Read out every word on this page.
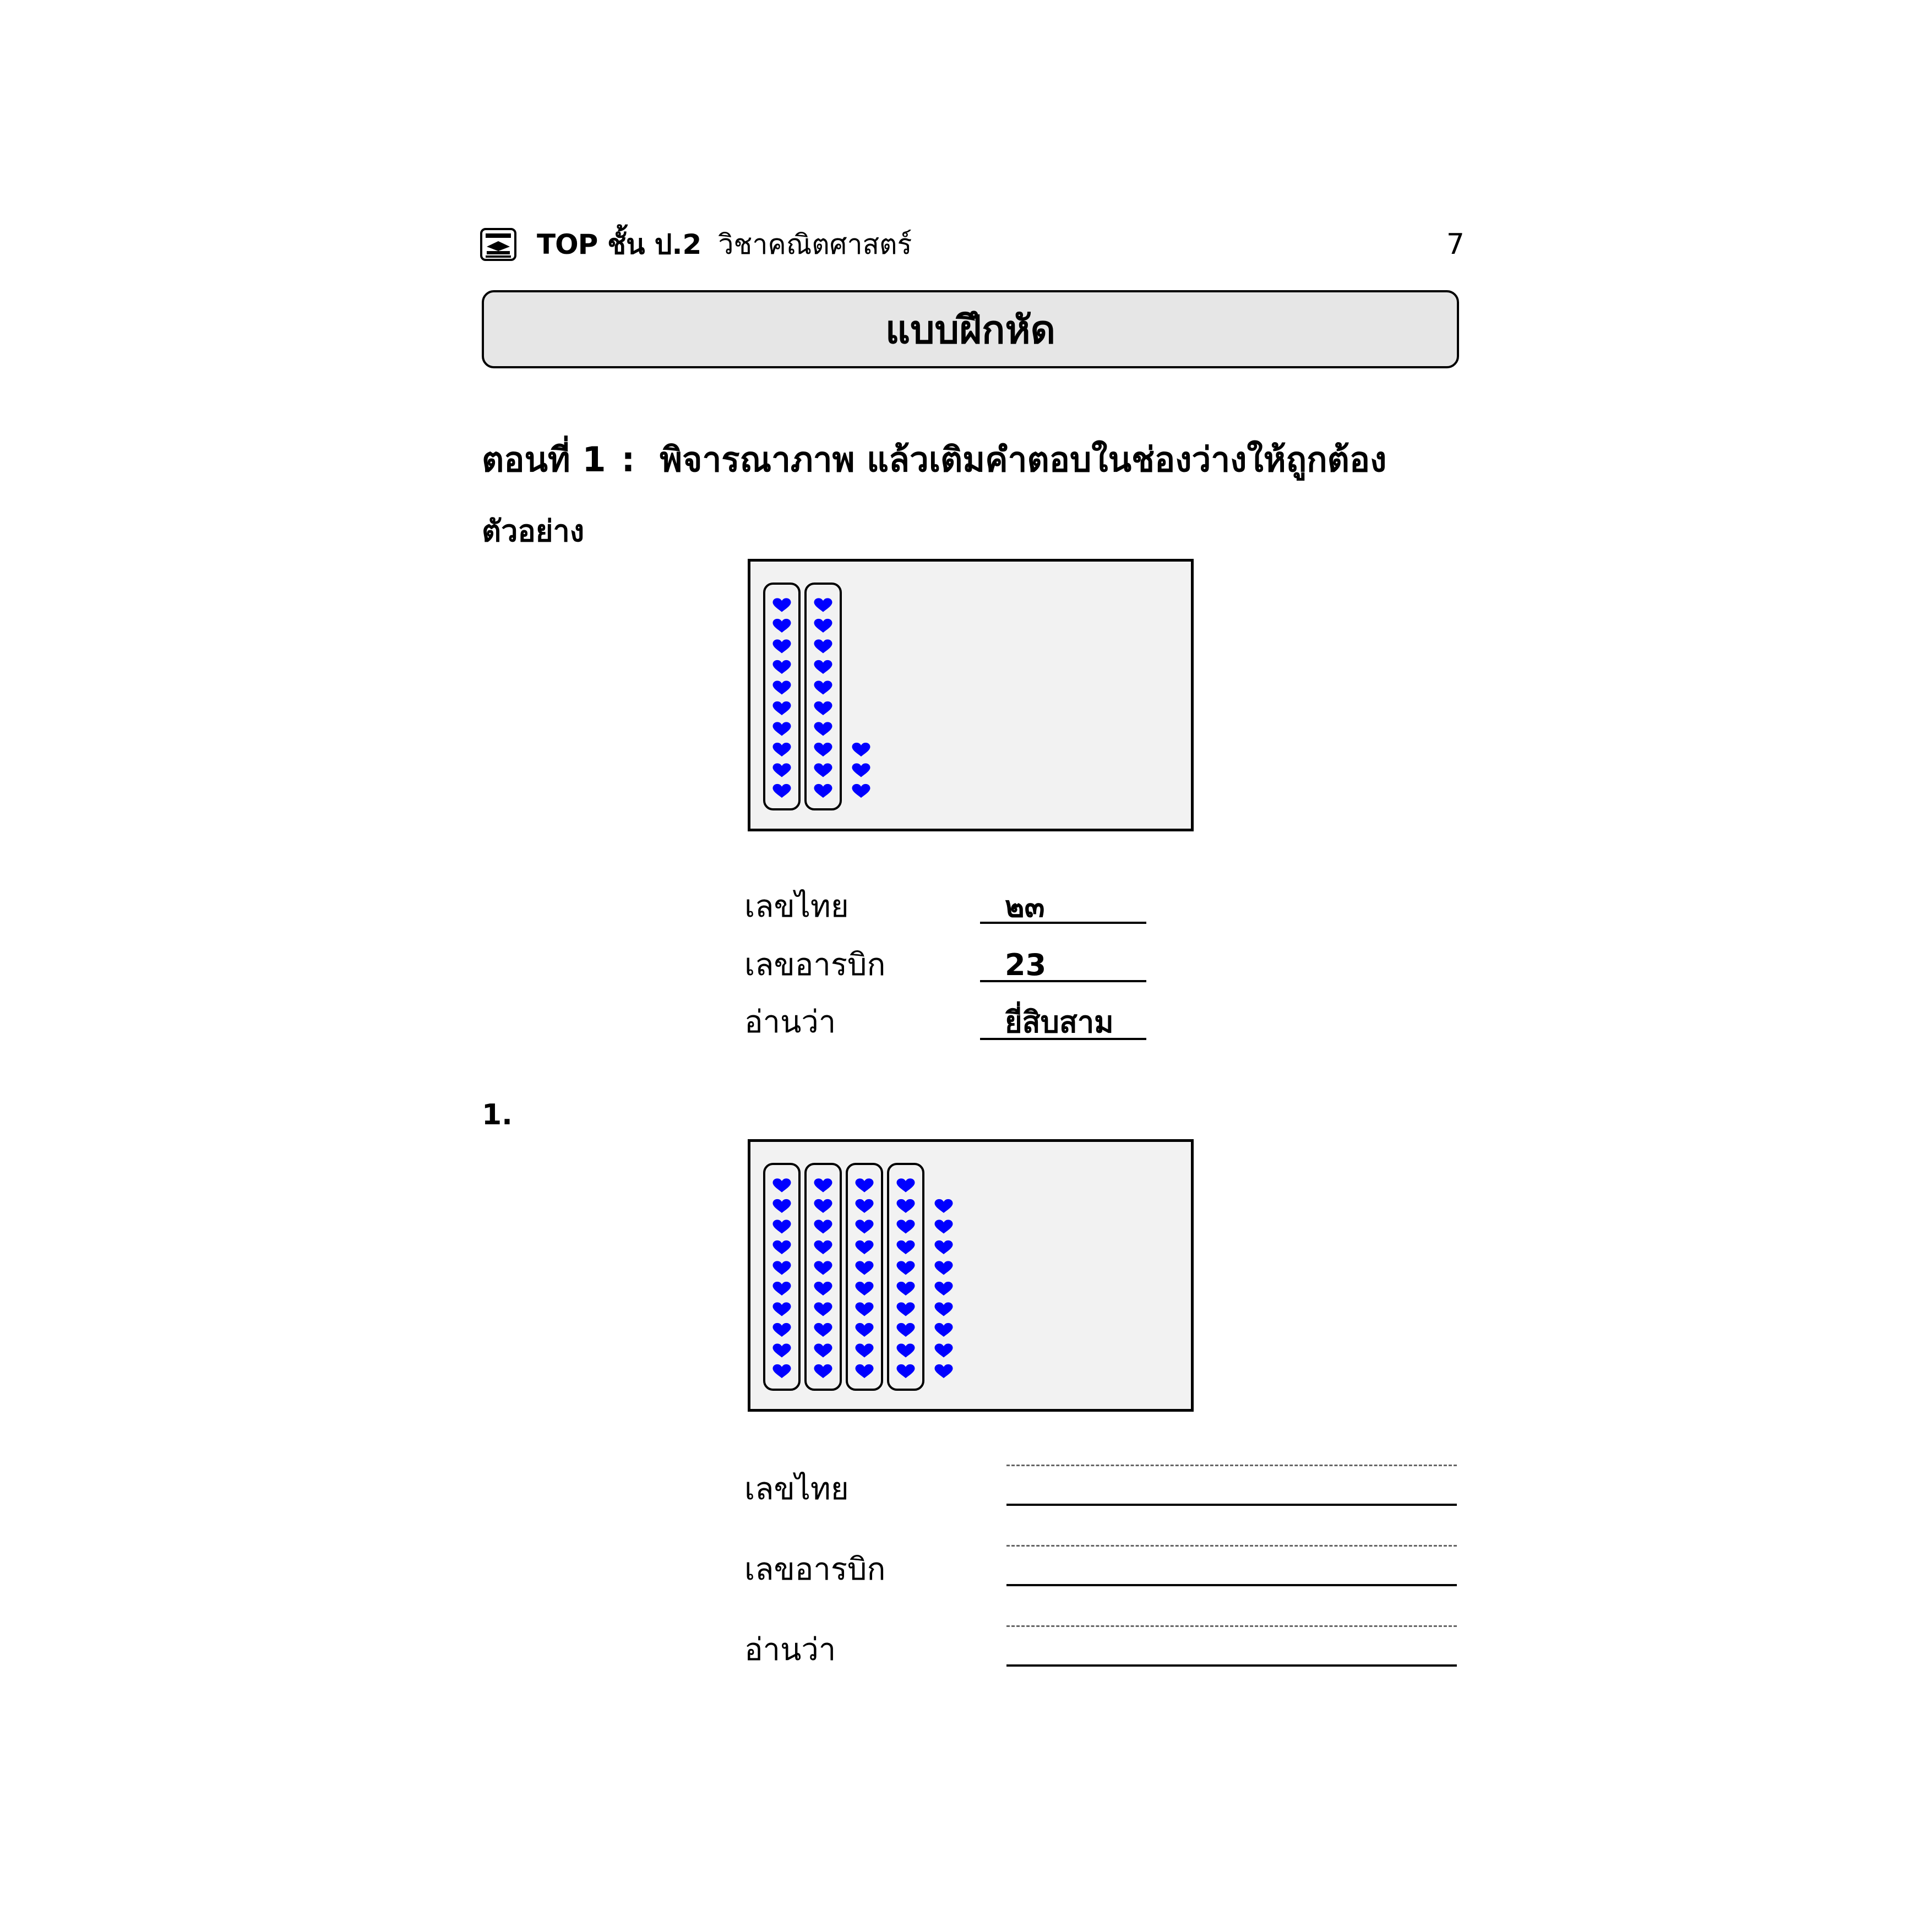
TOP ชั้น ป.2 วิชาคณิตศาสตร์	7
แบบฝึกหัด
ตอนที่ 1 : พิจารณาภาพ แล้วเติมคำตอบในช่องว่างให้ถูกต้อง
ตัวอย่าง
เลขไทย	๒๓
เลขอารบิก	23
อ่านว่า	ยี่สิบสาม
1.
เลขไทย
เลขอารบิก
อ่านว่า
